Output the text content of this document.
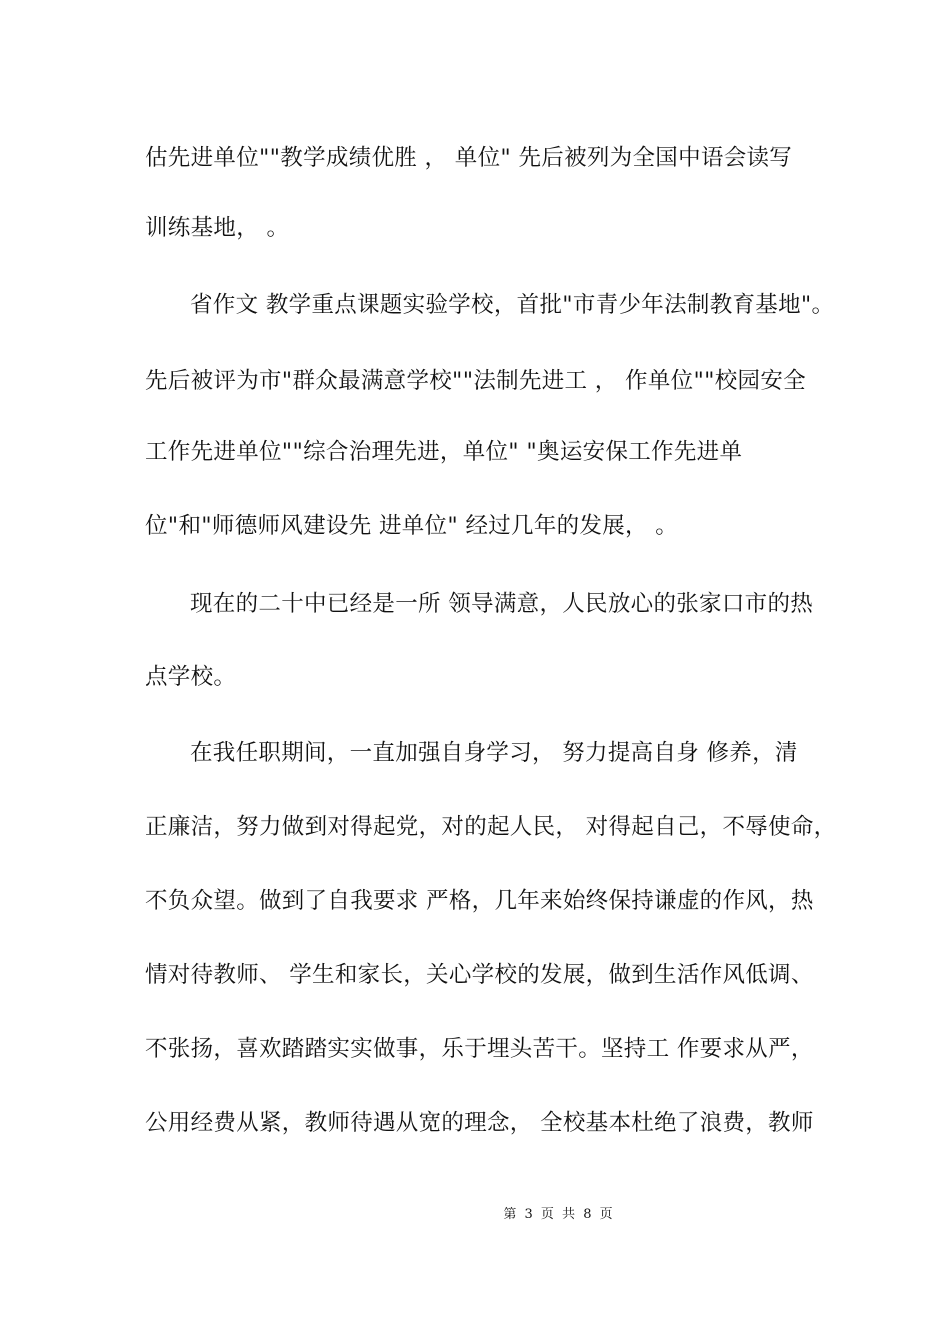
估先进单位""教学成绩优胜 ， 单位" 先后被列为全国中语会读写
训练基地， 。
省作文 教学重点课题实验学校，首批"市青少年法制教育基地"。
先后被评为市"群众最满意学校""法制先进工 ， 作单位""校园安全
工作先进单位""综合治理先进，单位" "奥运安保工作先进单
位"和"师德师风建设先 进单位" 经过几年的发展， 。
现在的二十中已经是一所 领导满意，人民放心的张家口市的热
点学校。
在我任职期间，一直加强自身学习， 努力提高自身 修养，清
正廉洁，努力做到对得起党，对的起人民， 对得起自己，不辱使命，
不负众望。做到了自我要求 严格，几年来始终保持谦虚的作风，热
情对待教师、 学生和家长，关心学校的发展，做到生活作风低调、
不张扬，喜欢踏踏实实做事，乐于埋头苦干。坚持工 作要求从严，
公用经费从紧，教师待遇从宽的理念， 全校基本杜绝了浪费，教师
第 3 页 共 8 页
